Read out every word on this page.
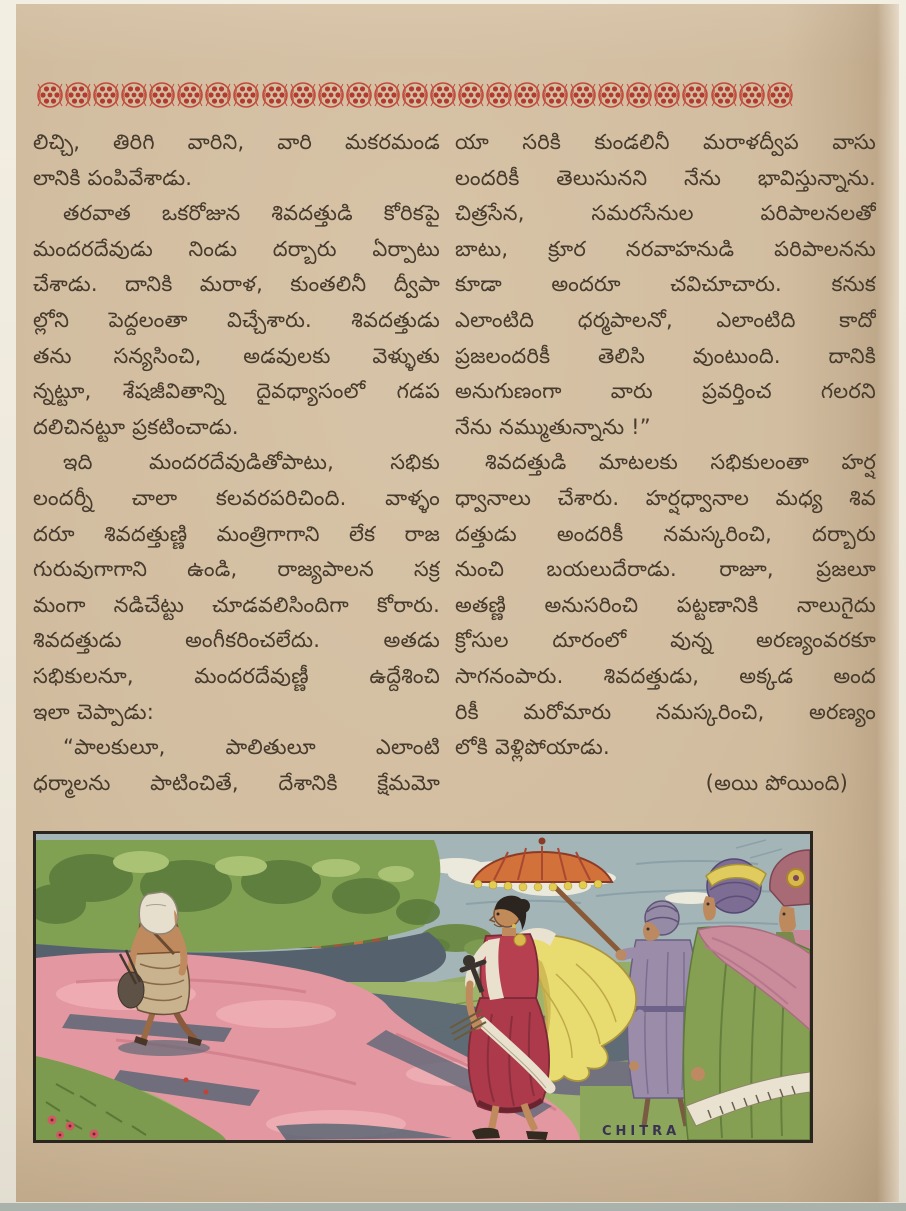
లిచ్చి, తిరిగి వారిని, వారి మకరమండ
లానికి పంపివేశాడు.
తరవాత ఒకరోజున శివదత్తుడి కోరికపై
మందరదేవుడు నిండు దర్బారు ఏర్పాటు
చేశాడు. దానికి మరాళ, కుంతలినీ ద్వీపా
ల్లోని పెద్దలంతా విచ్చేశారు. శివదత్తుడు
తను సన్యసించి, అడవులకు వెళ్ళుతు
న్నట్టూ, శేషజీవితాన్ని దైవధ్యాసంలో గడప
దలిచినట్టూ ప్రకటించాడు.
ఇది మందరదేవుడితోపాటు, సభికు
లందర్నీ చాలా కలవరపరిచింది. వాళ్ళం
దరూ శివదత్తుణ్ణి మంత్రిగాగాని లేక రాజ
గురువుగాగాని ఉండి, రాజ్యపాలన సక్ర
మంగా నడిచేట్టు చూడవలిసిందిగా కోరారు.
శివదత్తుడు అంగీకరించలేదు. అతడు
సభికులనూ, మందరదేవుణ్ణీ ఉద్దేశించి
ఇలా చెప్పాడు:
“పాలకులూ, పాలితులూ ఎలాంటి
ధర్మాలను పాటించితే, దేశానికి క్షేమమో
యా సరికి కుండలినీ మరాళద్వీప వాసు
లందరికీ తెలుసునని నేను భావిస్తున్నాను.
చిత్రసేన, సమరసేనుల పరిపాలనలతో
బాటు, క్రూర నరవాహనుడి పరిపాలనను
కూడా అందరూ చవిచూచారు. కనుక
ఎలాంటిది ధర్మపాలనో, ఎలాంటిది కాదో
ప్రజలందరికీ తెలిసి వుంటుంది. దానికి
అనుగుణంగా వారు ప్రవర్తించ గలరని
నేను నమ్ముతున్నాను !”
శివదత్తుడి మాటలకు సభికులంతా హర్ష
ధ్వానాలు చేశారు. హర్షధ్వానాల మధ్య శివ
దత్తుడు అందరికీ నమస్కరించి, దర్బారు
నుంచి బయలుదేరాడు. రాజూ, ప్రజలూ
అతణ్ణి అనుసరించి పట్టణానికి నాలుగైదు
క్రోసుల దూరంలో వున్న అరణ్యంవరకూ
సాగనంపారు. శివదత్తుడు, అక్కడ అంద
రికీ మరోమారు నమస్కరించి, అరణ్యం
లోకి వెళ్లిపోయాడు.
(అయి పోయింది)
CHITRA
